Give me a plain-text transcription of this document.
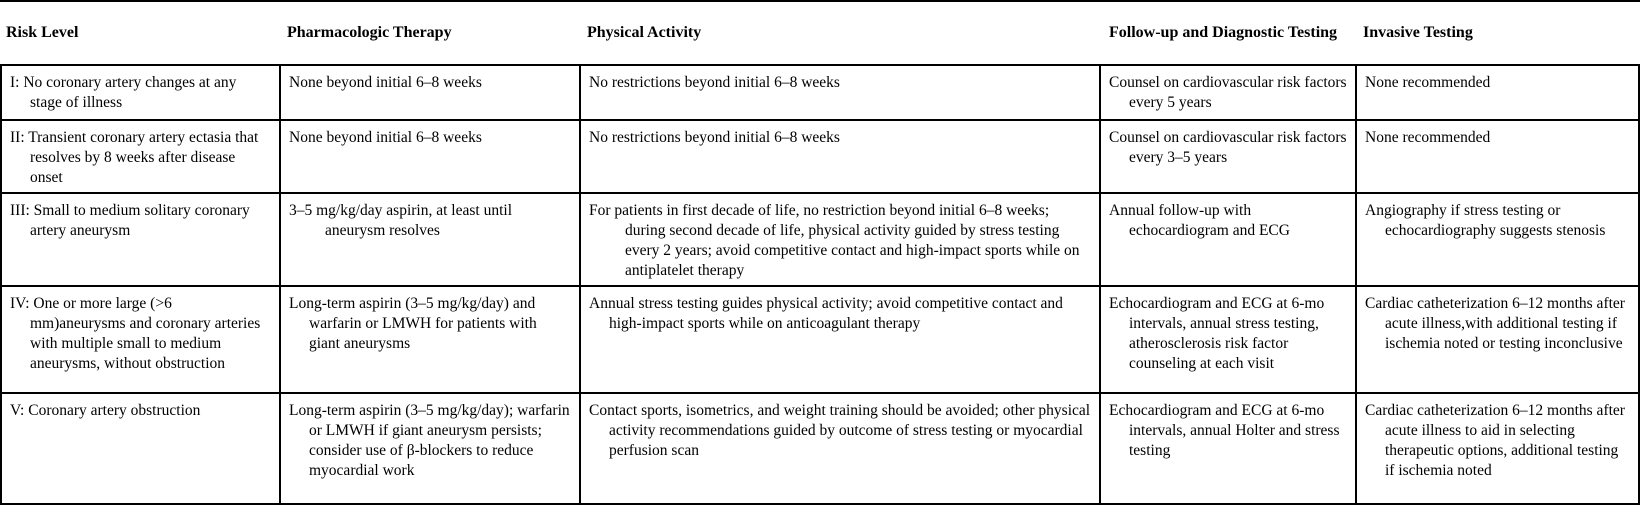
Risk Level	Pharmacologic Therapy	Physical Activity	Follow-up and Diagnostic Testing	Invasive Testing
I: No coronary artery changes at any stage of illness	None beyond initial 6–8 weeks	No restrictions beyond initial 6–8 weeks	Counsel on cardiovascular risk factors every 5 years	None recommended
II: Transient coronary artery ectasia that resolves by 8 weeks after disease onset	None beyond initial 6–8 weeks	No restrictions beyond initial 6–8 weeks	Counsel on cardiovascular risk factors every 3–5 years	None recommended
III: Small to medium solitary coronary artery aneurysm	3–5 mg/kg/day aspirin, at least until aneurysm resolves	For patients in first decade of life, no restriction beyond initial 6–8 weeks; during second decade of life, physical activity guided by stress testing every 2 years; avoid competitive contact and high-impact sports while on antiplatelet therapy	Annual follow-up with echocardiogram and ECG	Angiography if stress testing or echocardiography suggests stenosis
IV: One or more large (>6 mm)aneurysms and coronary arteries with multiple small to medium aneurysms, without obstruction	Long-term aspirin (3–5 mg/kg/day) and warfarin or LMWH for patients with giant aneurysms	Annual stress testing guides physical activity; avoid competitive contact and high-impact sports while on anticoagulant therapy	Echocardiogram and ECG at 6-mo intervals, annual stress testing, atherosclerosis risk factor counseling at each visit	Cardiac catheterization 6–12 months after acute illness,with additional testing if ischemia noted or testing inconclusive
V: Coronary artery obstruction	Long-term aspirin (3–5 mg/kg/day); warfarin or LMWH if giant aneurysm persists; consider use of β-blockers to reduce myocardial work	Contact sports, isometrics, and weight training should be avoided; other physical activity recommendations guided by outcome of stress testing or myocardial perfusion scan	Echocardiogram and ECG at 6-mo intervals, annual Holter and stress testing	Cardiac catheterization 6–12 months after acute illness to aid in selecting therapeutic options, additional testing if ischemia noted
